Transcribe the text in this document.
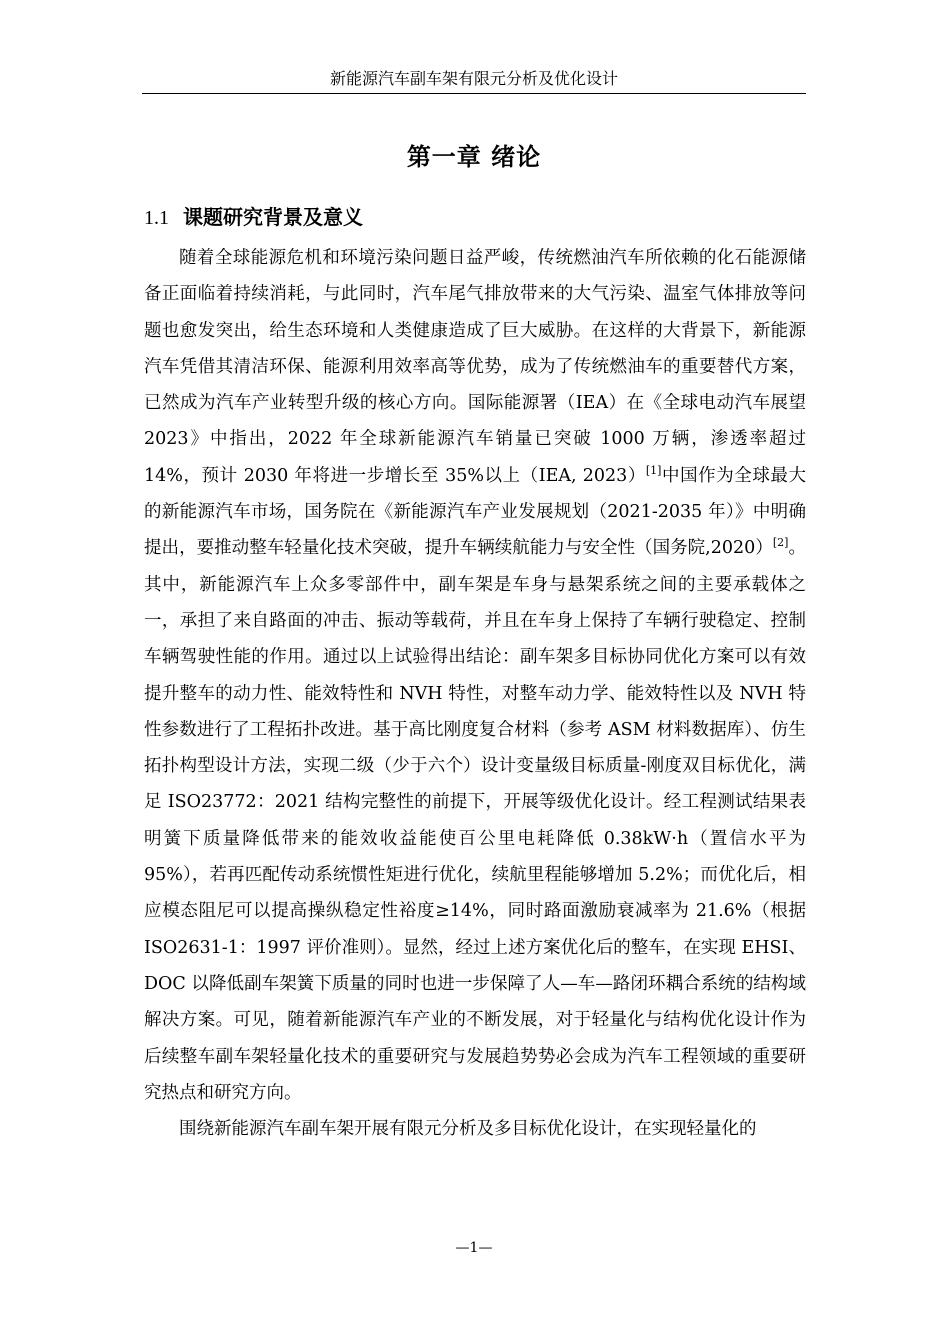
新能源汽车副车架有限元分析及优化设计
第一章 绪论
1.1 课题研究背景及意义

随着全球能源危机和环境污染问题日益严峻，传统燃油汽车所依赖的化石能源储备正面临着持续消耗，与此同时，汽车尾气排放带来的大气污染、温室气体排放等问题也愈发突出，给生态环境和人类健康造成了巨大威胁。在这样的大背景下，新能源汽车凭借其清洁环保、能源利用效率高等优势，成为了传统燃油车的重要替代方案，已然成为汽车产业转型升级的核心方向。国际能源署（IEA）在《全球电动汽车展望 2023》中指出，2022 年全球新能源汽车销量已突破 1000 万辆，渗透率超过 14%，预计 2030 年将进一步增长至 35%以上（IEA, 2023）[1]中国作为全球最大的新能源汽车市场，国务院在《新能源汽车产业发展规划（2021-2035 年）》中明确提出，要推动整车轻量化技术突破，提升车辆续航能力与安全性（国务院,2020）[2]。其中，新能源汽车上众多零部件中，副车架是车身与悬架系统之间的主要承载体之一，承担了来自路面的冲击、振动等载荷，并且在车身上保持了车辆行驶稳定、控制车辆驾驶性能的作用。通过以上试验得出结论：副车架多目标协同优化方案可以有效提升整车的动力性、能效特性和 NVH 特性，对整车动力学、能效特性以及 NVH 特性参数进行了工程拓扑改进。基于高比刚度复合材料（参考 ASM 材料数据库）、仿生拓扑构型设计方法，实现二级（少于六个）设计变量级目标质量-刚度双目标优化，满足 ISO23772：2021 结构完整性的前提下，开展等级优化设计。经工程测试结果表明簧下质量降低带来的能效收益能使百公里电耗降低 0.38kW·h（置信水平为 95%），若再匹配传动系统惯性矩进行优化，续航里程能够增加 5.2%；而优化后，相应模态阻尼可以提高操纵稳定性裕度≥14%，同时路面激励衰减率为 21.6%（根据 ISO2631-1：1997 评价准则）。显然，经过上述方案优化后的整车，在实现 EHSI、DOC 以降低副车架簧下质量的同时也进一步保障了人—车—路闭环耦合系统的结构域解决方案。可见，随着新能源汽车产业的不断发展，对于轻量化与结构优化设计作为后续整车副车架轻量化技术的重要研究与发展趋势势必会成为汽车工程领域的重要研究热点和研究方向。

围绕新能源汽车副车架开展有限元分析及多目标优化设计，在实现轻量化的

—1—
